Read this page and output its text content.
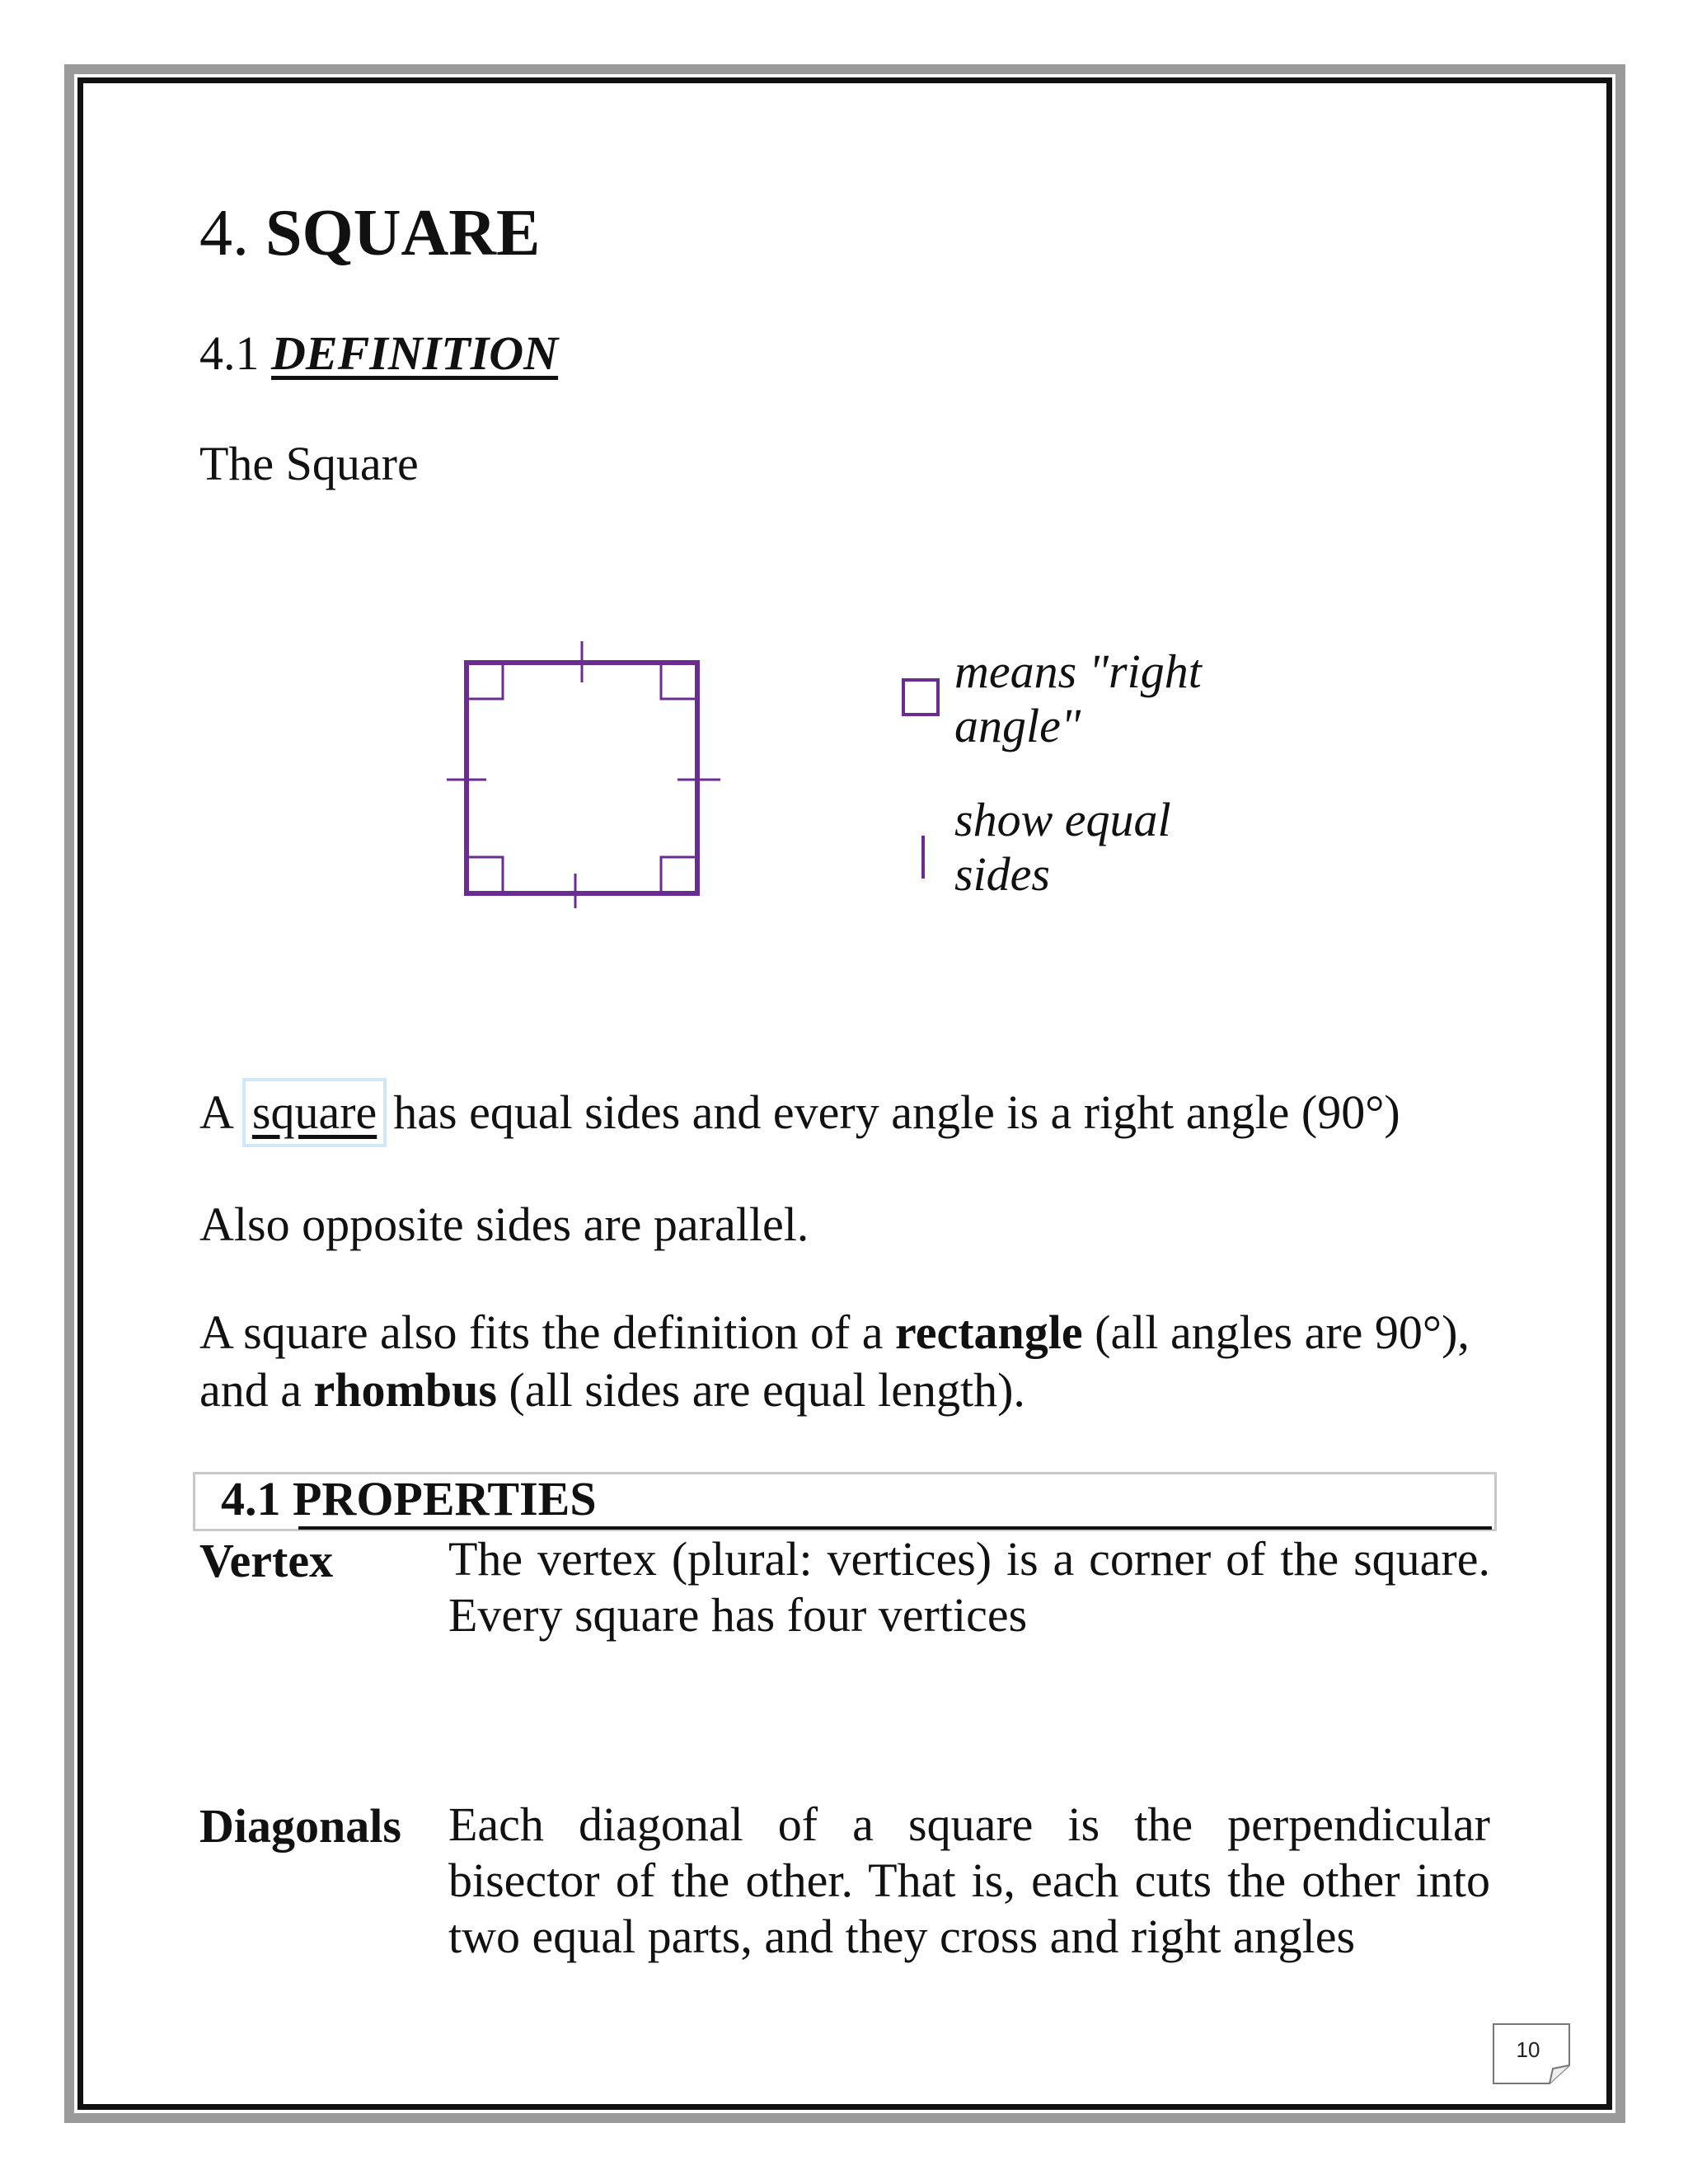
4. SQUARE
4.1 DEFINITION
The Square
means "right angle"
show equal sides
A square has equal sides and every angle is a right angle (90°)
Also opposite sides are parallel.
A square also fits the definition of a rectangle (all angles are 90°), and a rhombus (all sides are equal length).
4.1 PROPERTIES
Vertex The vertex (plural: vertices) is a corner of the square. Every square has four vertices
Diagonals Each diagonal of a square is the perpendicular bisector of the other. That is, each cuts the other into two equal parts, and they cross and right angles
10
